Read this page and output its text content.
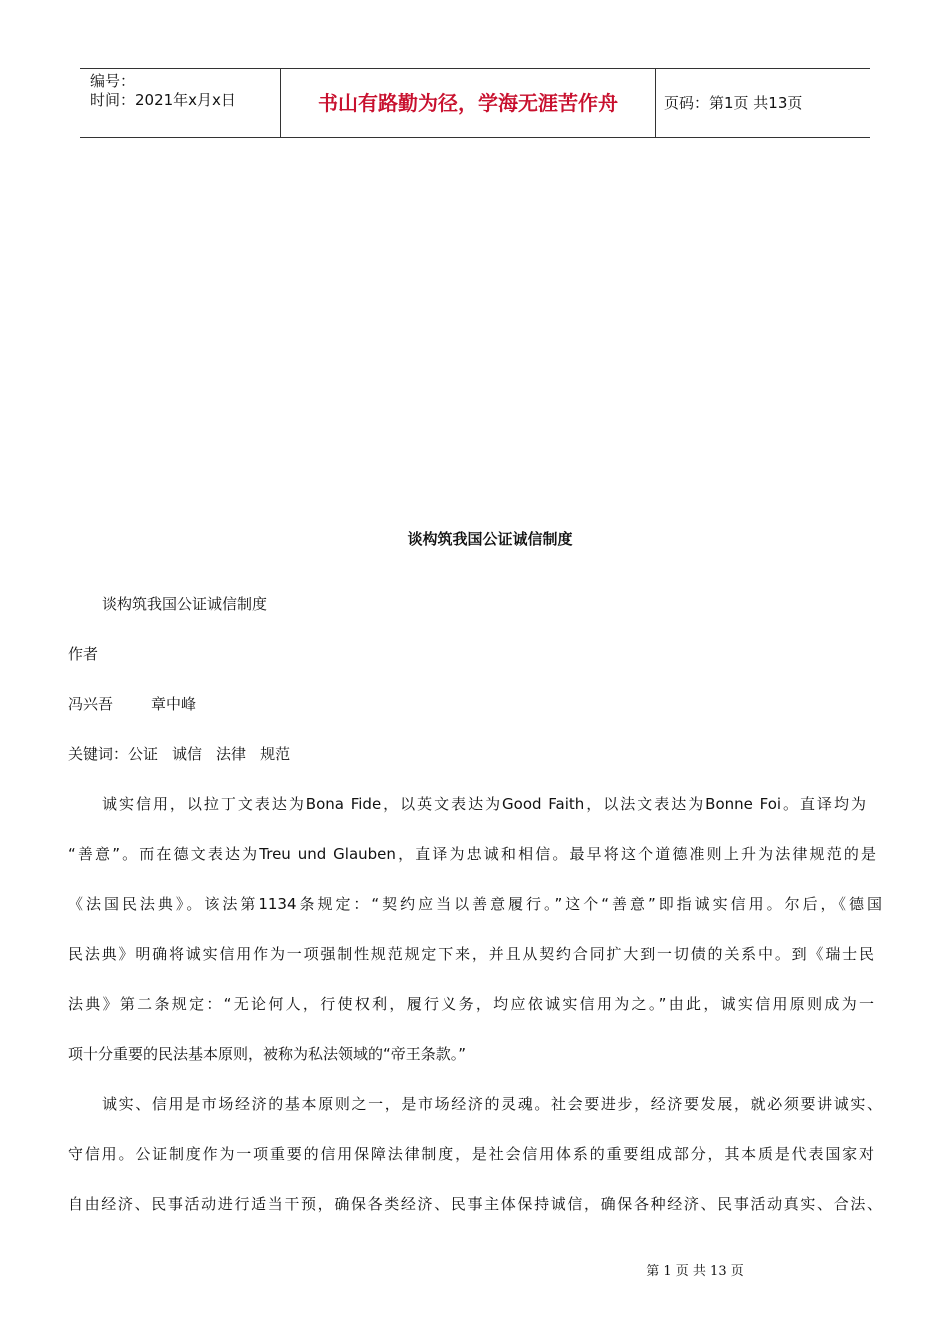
编号：
时间：2021年x月x日	书山有路勤为径，学海无涯苦作舟	页码：第1页 共13页
谈构筑我国公证诚信制度
谈构筑我国公证诚信制度
作者
冯兴吾	章中峰
关键词：公证 诚信 法律 规范
诚实信用，以拉丁文表达为Bona Fide，以英文表达为Good Faith，以法文表达为Bonne Foi。直译均为
“善意”。而在德文表达为Treu und Glauben，直译为忠诚和相信。最早将这个道德准则上升为法律规范的是
《法国民法典》。该法第1134条规定：“契约应当以善意履行。”这个“善意”即指诚实信用。尔后，《德国
民法典》明确将诚实信用作为一项强制性规范规定下来，并且从契约合同扩大到一切债的关系中。到《瑞士民
法典》第二条规定：“无论何人，行使权利，履行义务，均应依诚实信用为之。”由此，诚实信用原则成为一
项十分重要的民法基本原则，被称为私法领域的“帝王条款。”
诚实、信用是市场经济的基本原则之一，是市场经济的灵魂。社会要进步，经济要发展，就必须要讲诚实、
守信用。公证制度作为一项重要的信用保障法律制度，是社会信用体系的重要组成部分，其本质是代表国家对
自由经济、民事活动进行适当干预，确保各类经济、民事主体保持诚信，确保各种经济、民事活动真实、合法、
第 1 页 共 13 页
